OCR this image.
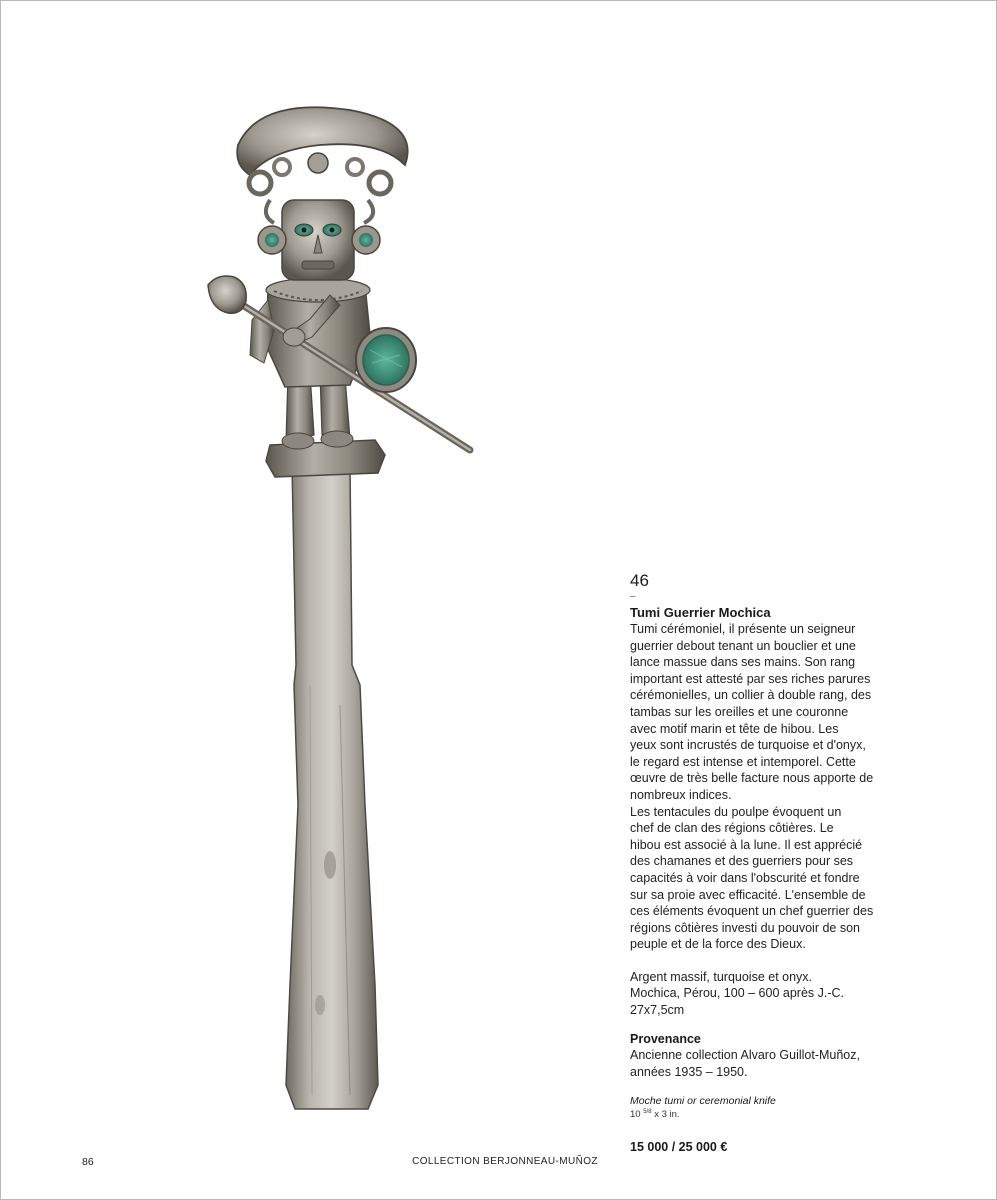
46
–
Tumi Guerrier Mochica

Tumi cérémoniel, il présente un seigneur

guerrier debout tenant un bouclier et une

lance massue dans ses mains. Son rang

important est attesté par ses riches parures

cérémonielles, un collier à double rang, des

tambas sur les oreilles et une couronne

avec motif marin et tête de hibou. Les

yeux sont incrustés de turquoise et d'onyx,

le regard est intense et intemporel. Cette

œuvre de très belle facture nous apporte de

nombreux indices.

Les tentacules du poulpe évoquent un

chef de clan des régions côtières. Le

hibou est associé à la lune. Il est apprécié

des chamanes et des guerriers pour ses

capacités à voir dans l'obscurité et fondre

sur sa proie avec efficacité. L'ensemble de

ces éléments évoquent un chef guerrier des

régions côtières investi du pouvoir de son

peuple et de la force des Dieux.

Argent massif, turquoise et onyx.
Mochica, Pérou, 100 – 600 après J.-C.
27x7,5cm
Provenance
Ancienne collection Alvaro Guillot-Muñoz,
années 1935 – 1950.
Moche tumi or ceremonial knife
10 $^{5/8}$ x 3 in.
15 000 / 25 000 €
86	COLLECTION BERJONNEAU-MUÑOZ
